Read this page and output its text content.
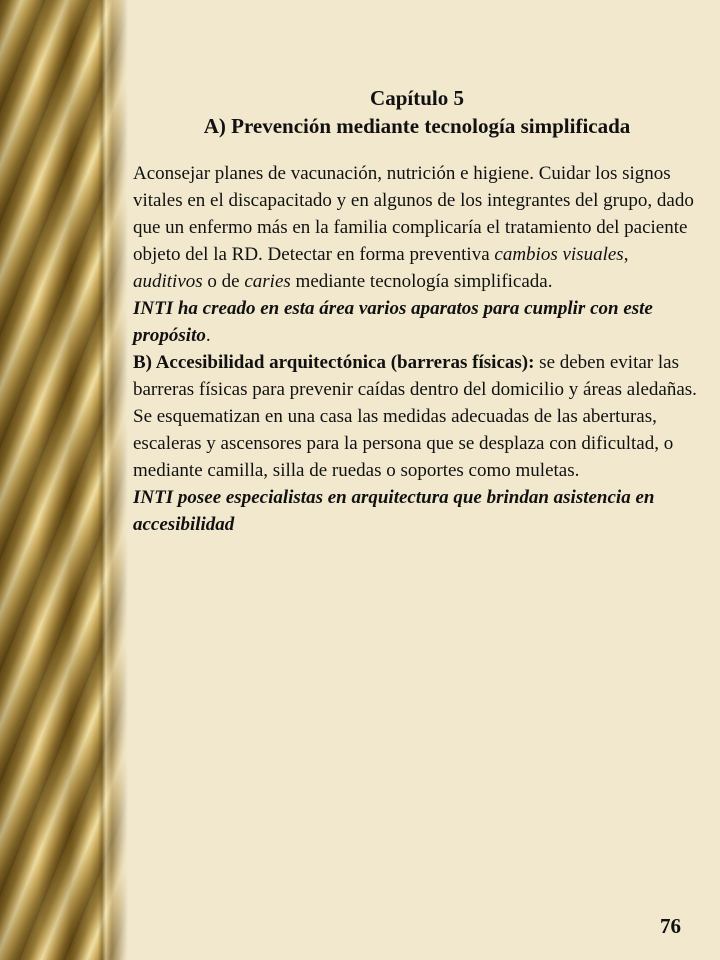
Capítulo 5
A) Prevención mediante tecnología simplificada

Aconsejar planes de vacunación, nutrición e higiene. Cuidar los signos vitales en el discapacitado y en algunos de los integrantes del grupo, dado que un enfermo más en la familia complicaría el tratamiento del paciente objeto del la RD. Detectar en forma preventiva cambios visuales, auditivos o de caries mediante tecnología simplificada.
INTI ha creado en esta área varios aparatos para cumplir con este propósito.

B) Accesibilidad arquitectónica (barreras físicas): se deben evitar las barreras físicas para prevenir caídas dentro del domicilio y áreas aledañas. Se esquematizan en una casa las medidas adecuadas de las aberturas, escaleras y ascensores para la persona que se desplaza con dificultad, o mediante camilla, silla de ruedas o soportes como muletas.
INTI posee especialistas en arquitectura que brindan asistencia en accesibilidad

76
